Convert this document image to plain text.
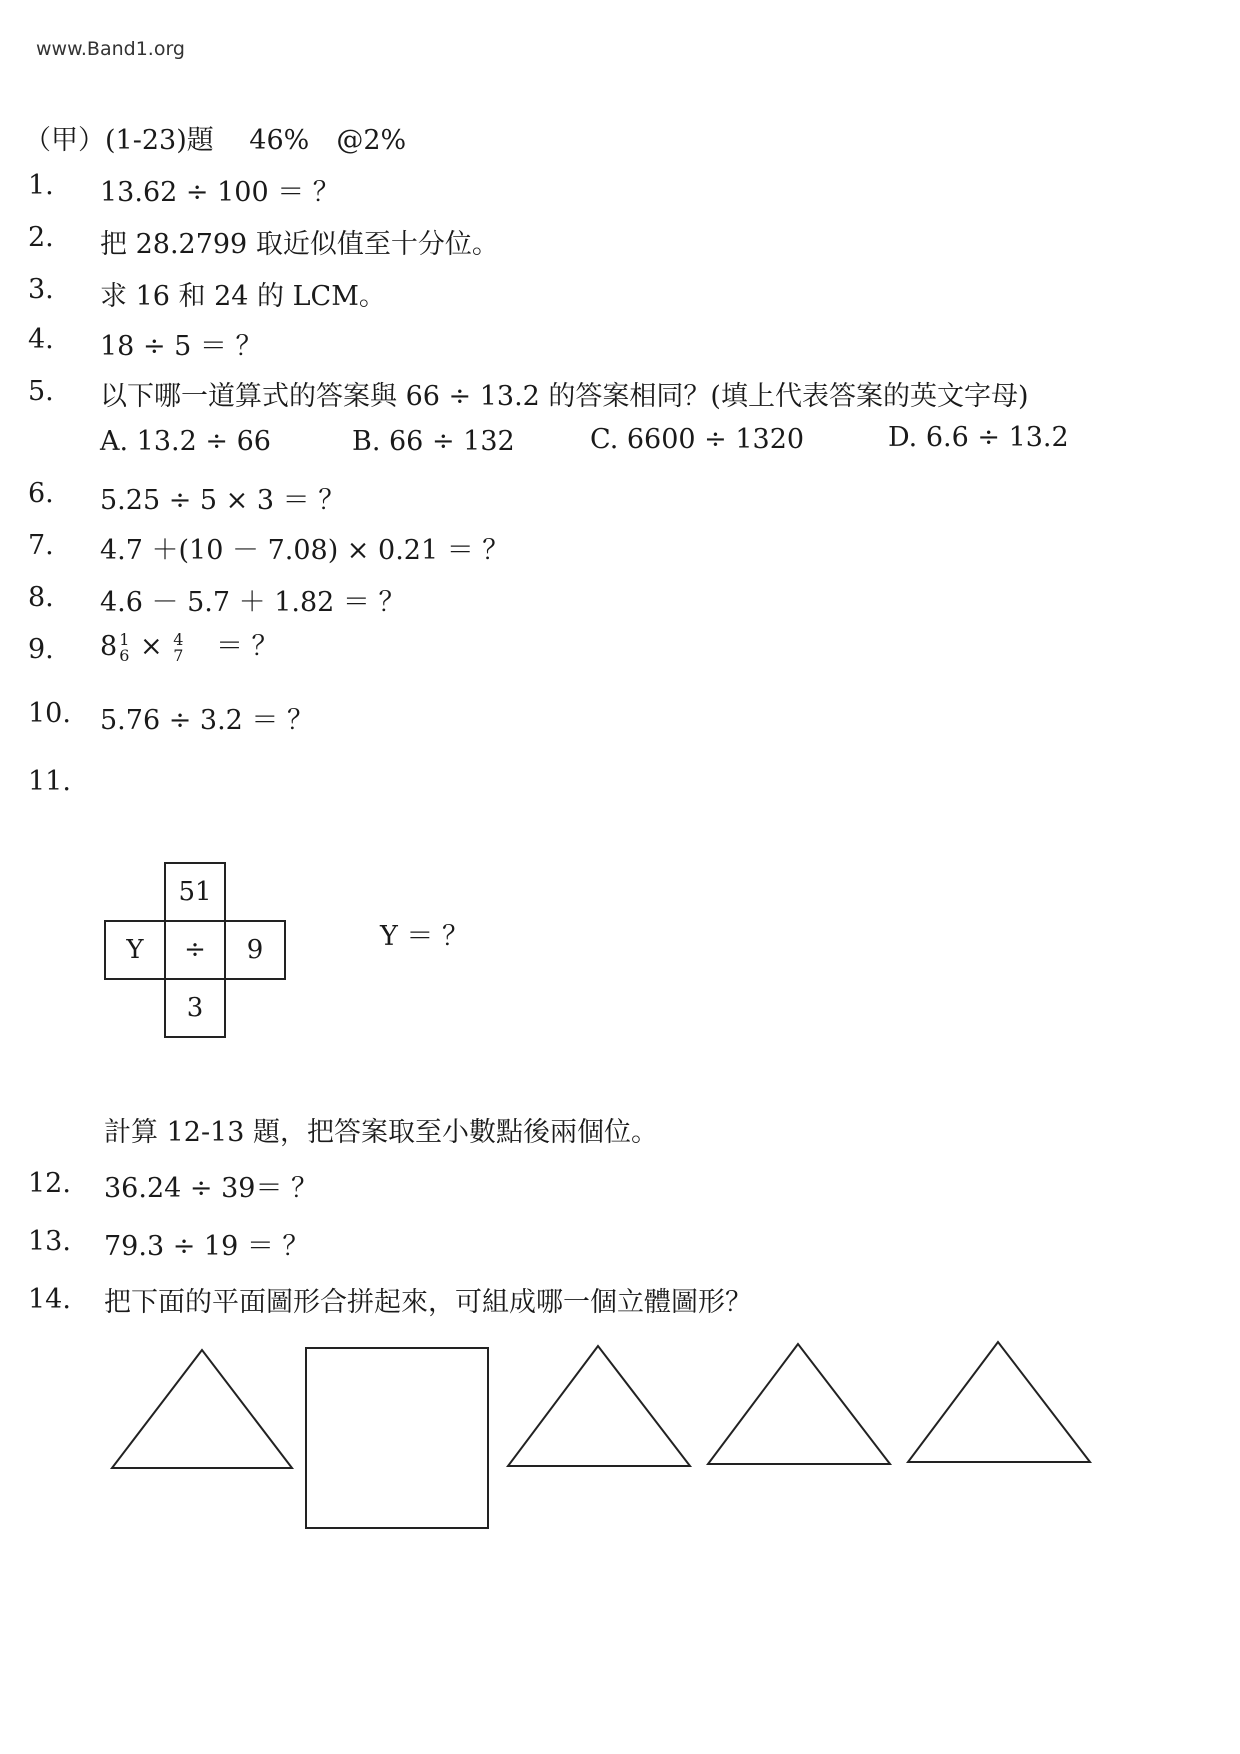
www.Band1.org
（甲）(1-23)題　 46%　@2%
1. 13.62 ÷ 100 ＝ ？
2. 把 28.2799 取近似值至十分位。
3. 求 16 和 24 的 LCM。
4. 18 ÷ 5 ＝ ？
5. 以下哪一道算式的答案與 66 ÷ 13.2 的答案相同？(填上代表答案的英文字母)
A. 13.2 ÷ 66	B. 66 ÷ 132	C. 6600 ÷ 1320	D. 6.6 ÷ 13.2
6. 5.25 ÷ 5 × 3 ＝ ？
7. 4.7 ＋(10 － 7.08) × 0.21 ＝ ？
8. 4.6 － 5.7 ＋ 1.82 ＝ ？
9. 8 1
6 × 4
7 ＝ ？
10. 5.76 ÷ 3.2 ＝ ？
11.
51
Y	÷	9
3
Y ＝ ？
計算 12-13 題，把答案取至小數點後兩個位。
12. 36.24 ÷ 39＝ ？
13. 79.3 ÷ 19 ＝ ？
14. 把下面的平面圖形合拼起來，可組成哪一個立體圖形？
